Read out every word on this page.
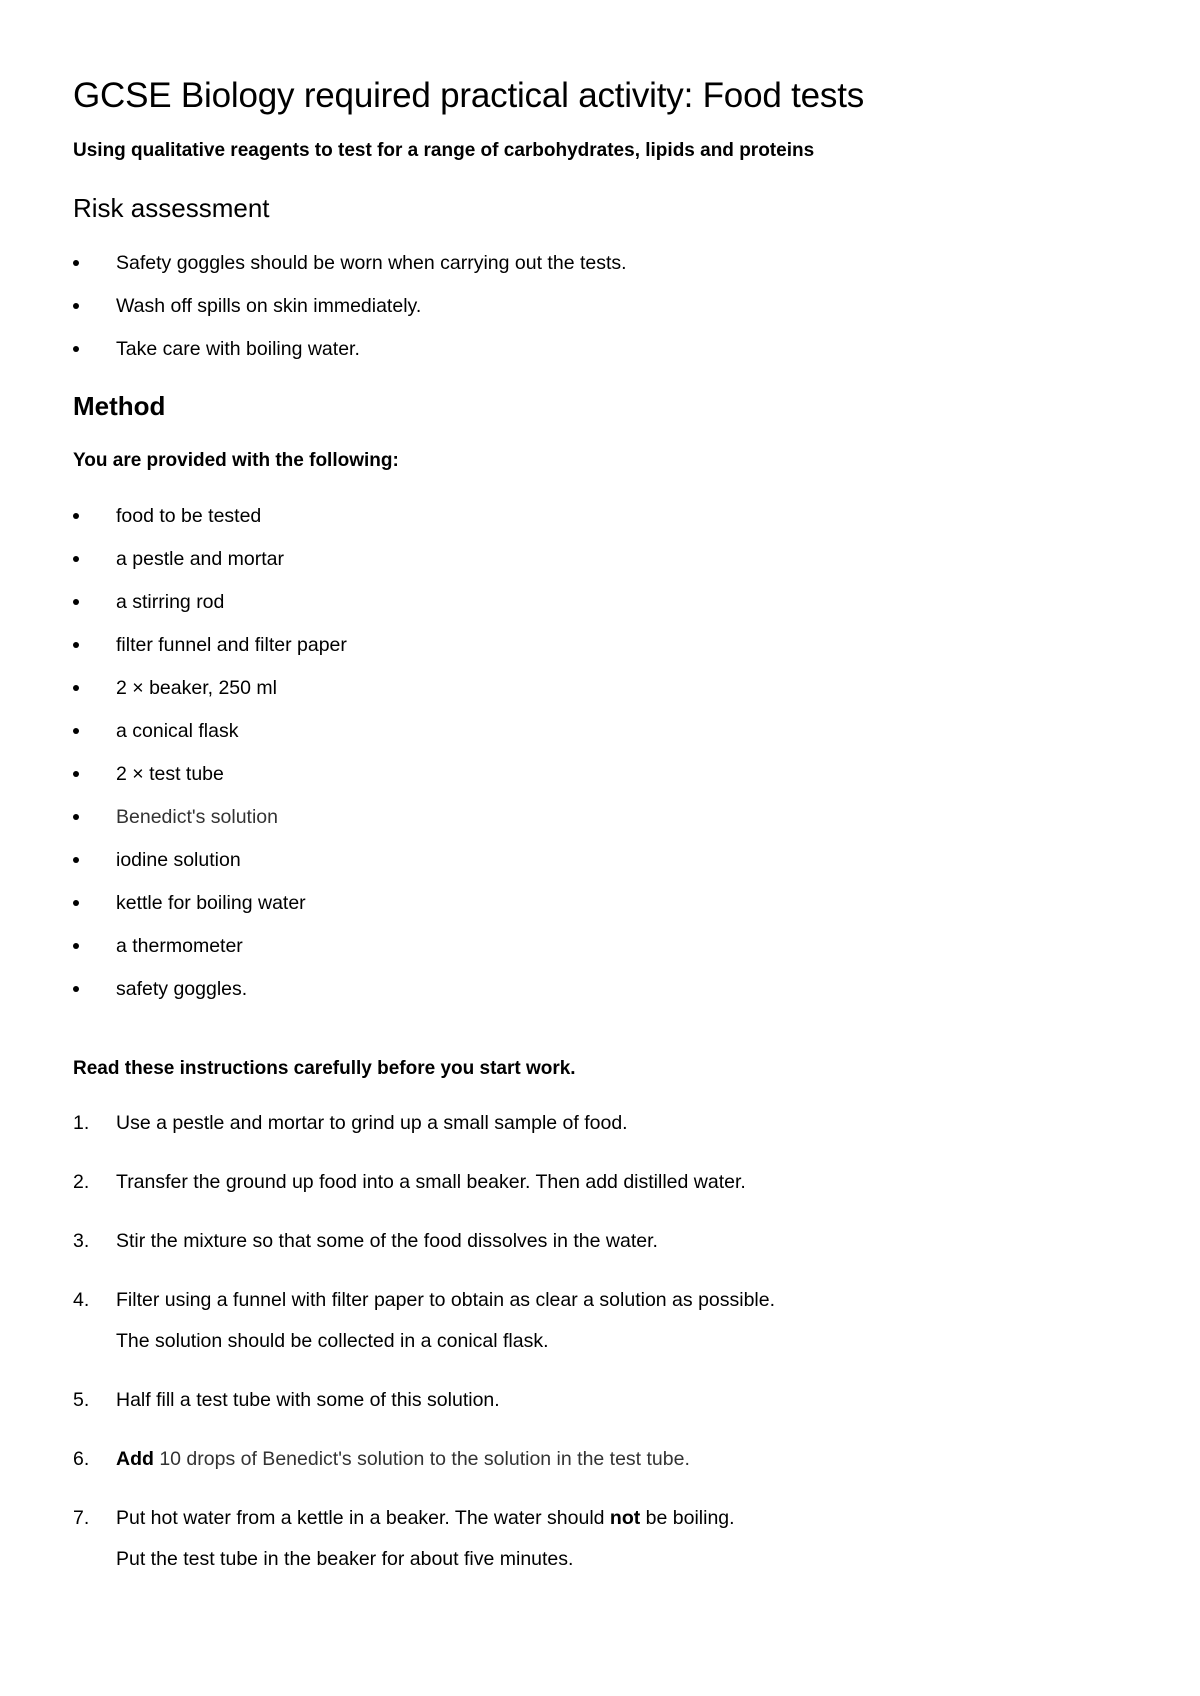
GCSE Biology required practical activity: Food tests

Using qualitative reagents to test for a range of carbohydrates, lipids and proteins

Risk assessment
Safety goggles should be worn when carrying out the tests.
Wash off spills on skin immediately.
Take care with boiling water.
Method

You are provided with the following:

food to be tested
a pestle and mortar
a stirring rod
filter funnel and filter paper
2 × beaker, 250 ml
a conical flask
2 × test tube
Benedict's solution
iodine solution
kettle for boiling water
a thermometer
safety goggles.

Read these instructions carefully before you start work.

1. Use a pestle and mortar to grind up a small sample of food.
2. Transfer the ground up food into a small beaker. Then add distilled water.
3. Stir the mixture so that some of the food dissolves in the water.
4. Filter using a funnel with filter paper to obtain as clear a solution as possible.
The solution should be collected in a conical flask.
5. Half fill a test tube with some of this solution.
6. Add 10 drops of Benedict's solution to the solution in the test tube.
7. Put hot water from a kettle in a beaker. The water should not be boiling.
Put the test tube in the beaker for about five minutes.
